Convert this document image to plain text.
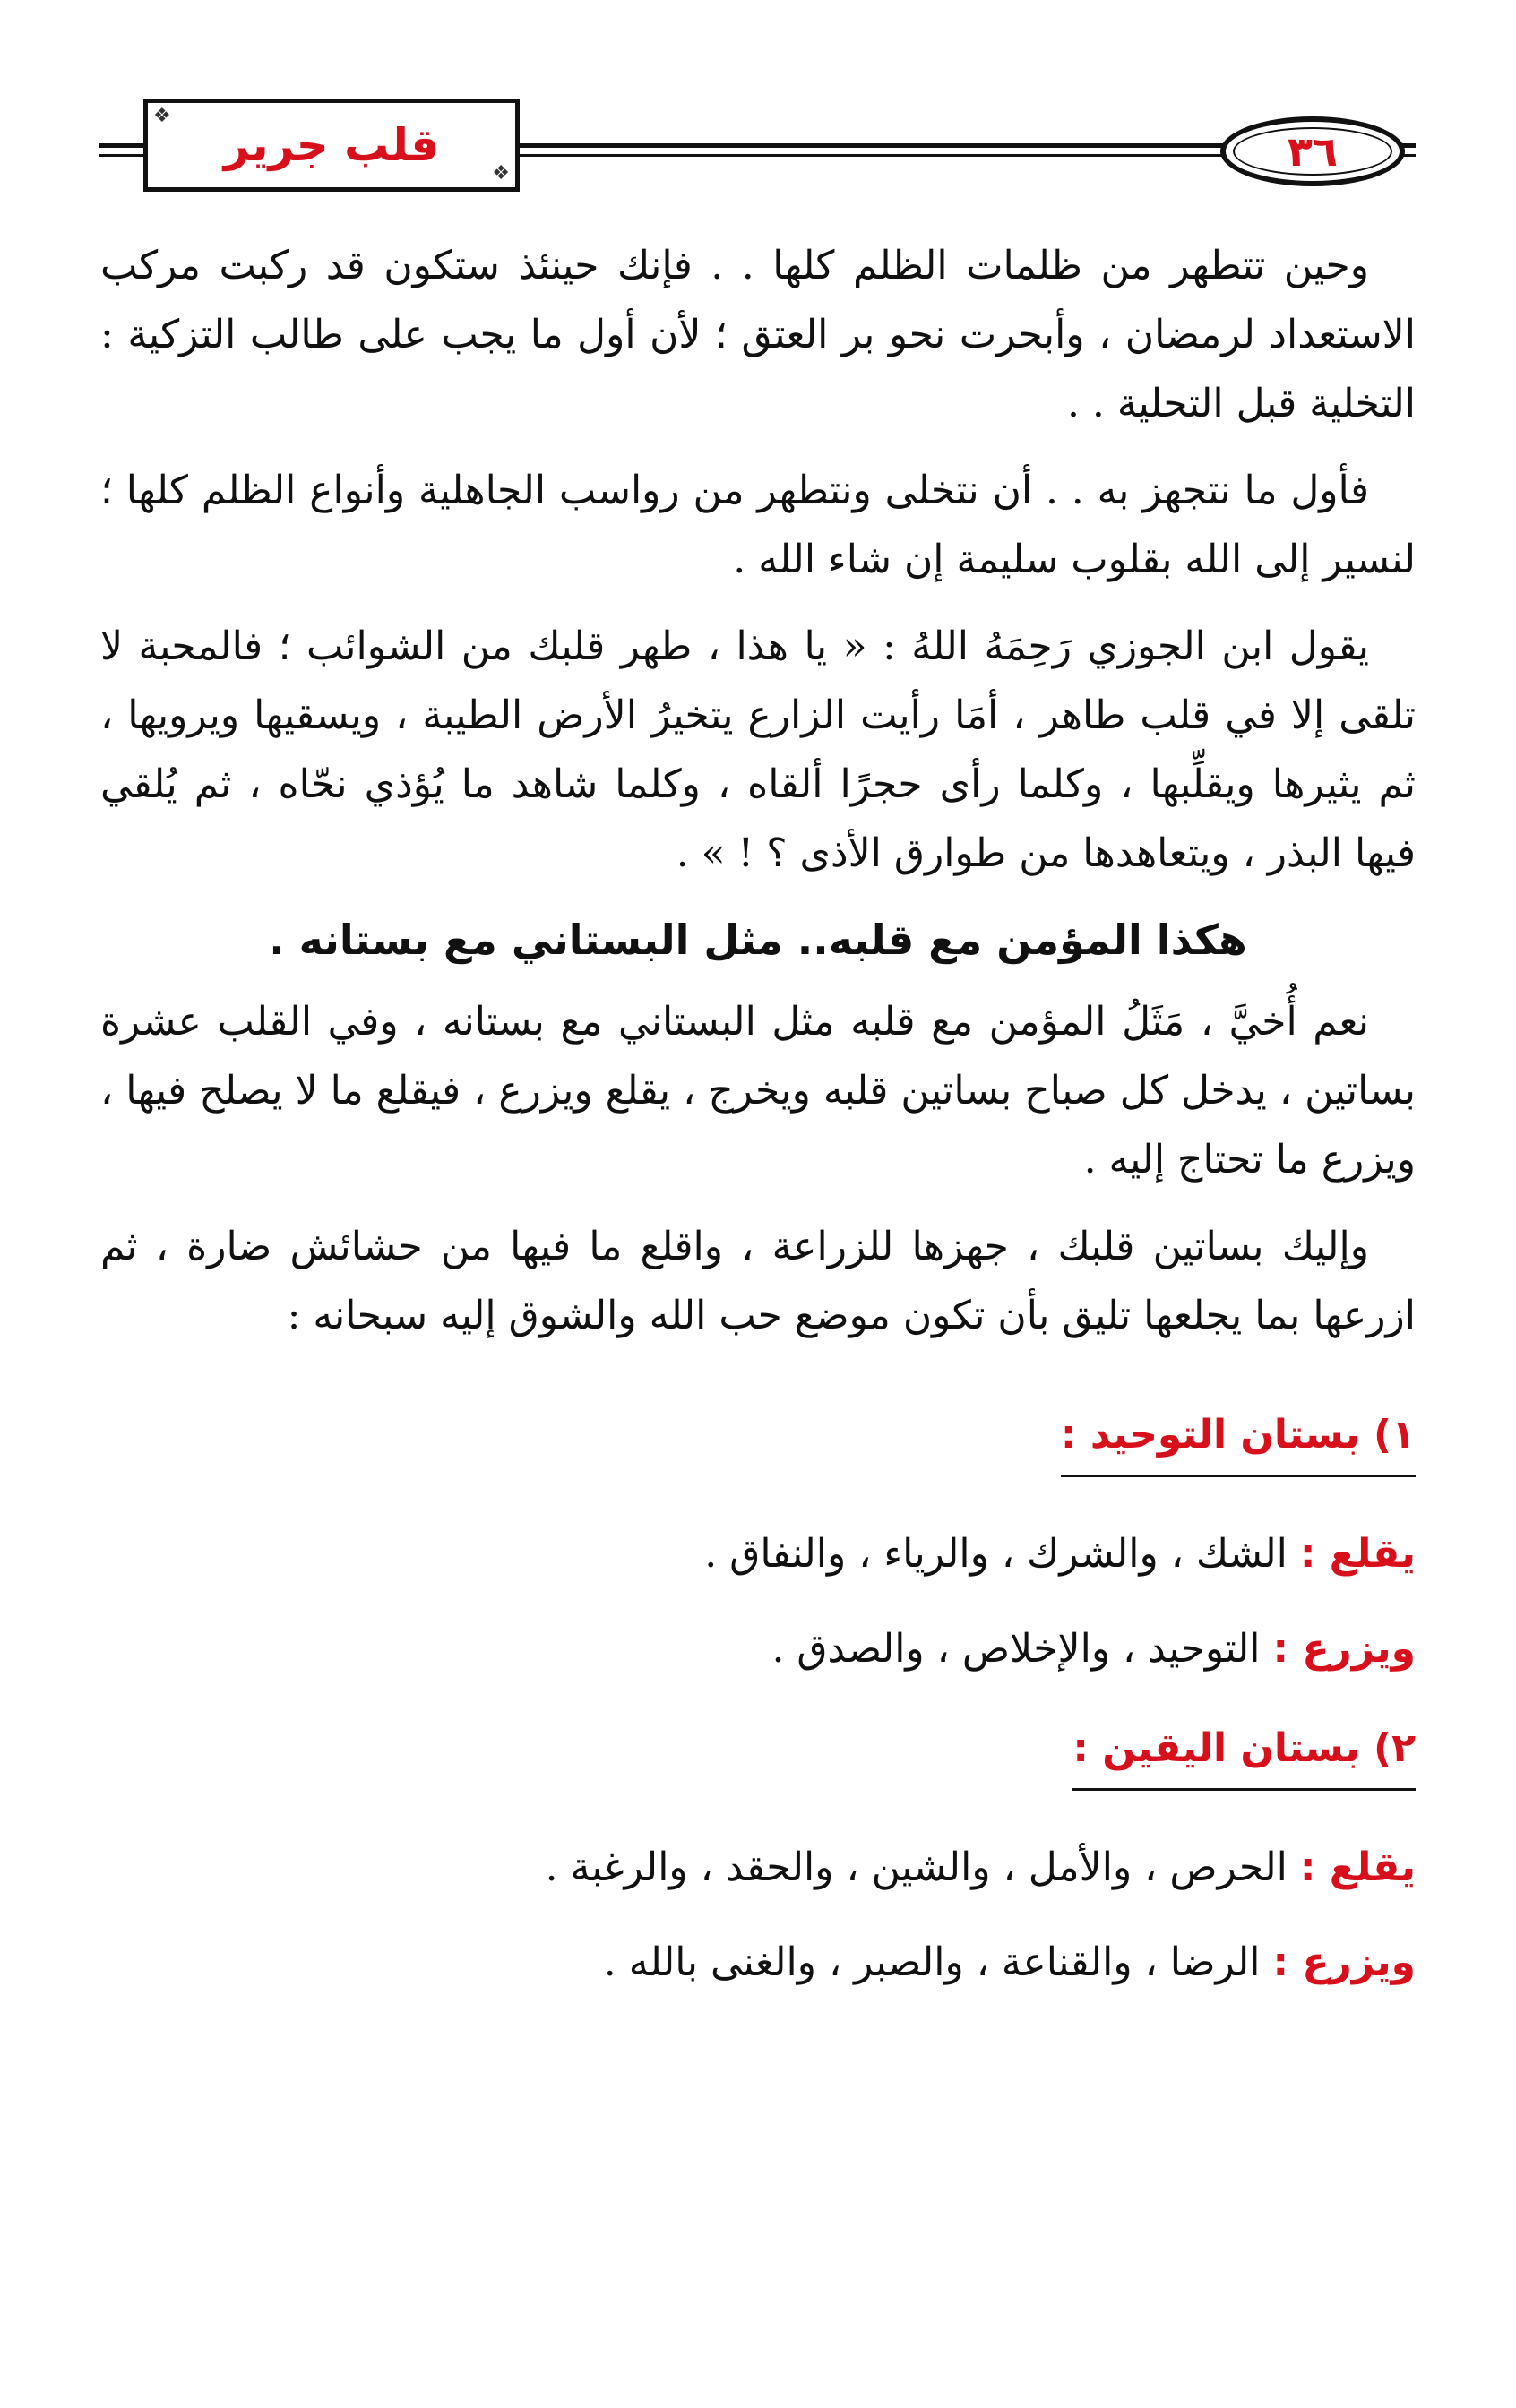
❖
❖
قلب جرير	٣٦

وحين تتطهر من ظلمات الظلم كلها . . فإنك حينئذ ستكون قد ركبت مركب الاستعداد لرمضان ، وأبحرت نحو بر العتق ؛ لأن أول ما يجب على طالب التزكية : التخلية قبل التحلية . .

فأول ما نتجهز به . . أن نتخلى ونتطهر من رواسب الجاهلية وأنواع الظلم كلها ؛ لنسير إلى الله بقلوب سليمة إن شاء الله .

يقول ابن الجوزي رَحِمَهُ اللهُ : « يا هذا ، طهر قلبك من الشوائب ؛ فالمحبة لا تلقى إلا في قلب طاهر ، أمَا رأيت الزارع يتخيرُ الأرض الطيبة ، ويسقيها ويرويها ، ثم يثيرها ويقلِّبها ، وكلما رأى حجرًا ألقاه ، وكلما شاهد ما يُؤذي نحّاه ، ثم يُلقي فيها البذر ، ويتعاهدها من طوارق الأذى ؟ ! » .

هكذا المؤمن مع قلبه.. مثل البستاني مع بستانه .

نعم أُخيَّ ، مَثَلُ المؤمن مع قلبه مثل البستاني مع بستانه ، وفي القلب عشرة بساتين ، يدخل كل صباح بساتين قلبه ويخرج ، يقلع ويزرع ، فيقلع ما لا يصلح فيها ، ويزرع ما تحتاج إليه .

وإليك بساتين قلبك ، جهزها للزراعة ، واقلع ما فيها من حشائش ضارة ، ثم ازرعها بما يجلعها تليق بأن تكون موضع حب الله والشوق إليه سبحانه :

١) بستان التوحيد :
يقلع : الشك ، والشرك ، والرياء ، والنفاق .
ويزرع : التوحيد ، والإخلاص ، والصدق .
٢) بستان اليقين :
يقلع : الحرص ، والأمل ، والشين ، والحقد ، والرغبة .
ويزرع : الرضا ، والقناعة ، والصبر ، والغنى بالله .
